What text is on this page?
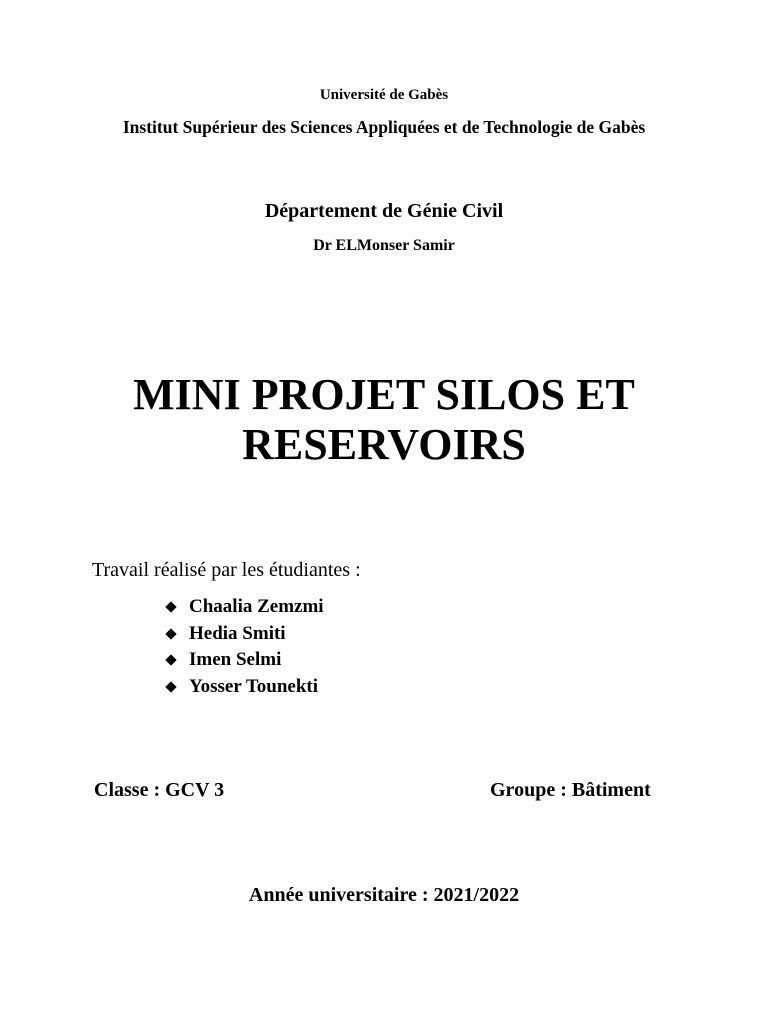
Université de Gabès
Institut Supérieur des Sciences Appliquées et de Technologie de Gabès
Département de Génie Civil
Dr ELMonser Samir
MINI PROJET SILOS ET
RESERVOIRS
Travail réalisé par les étudiantes :
Chaalia Zemzmi
Hedia Smiti
Imen Selmi
Yosser Tounekti
Classe : GCV 3	Groupe : Bâtiment
Année universitaire : 2021/2022
